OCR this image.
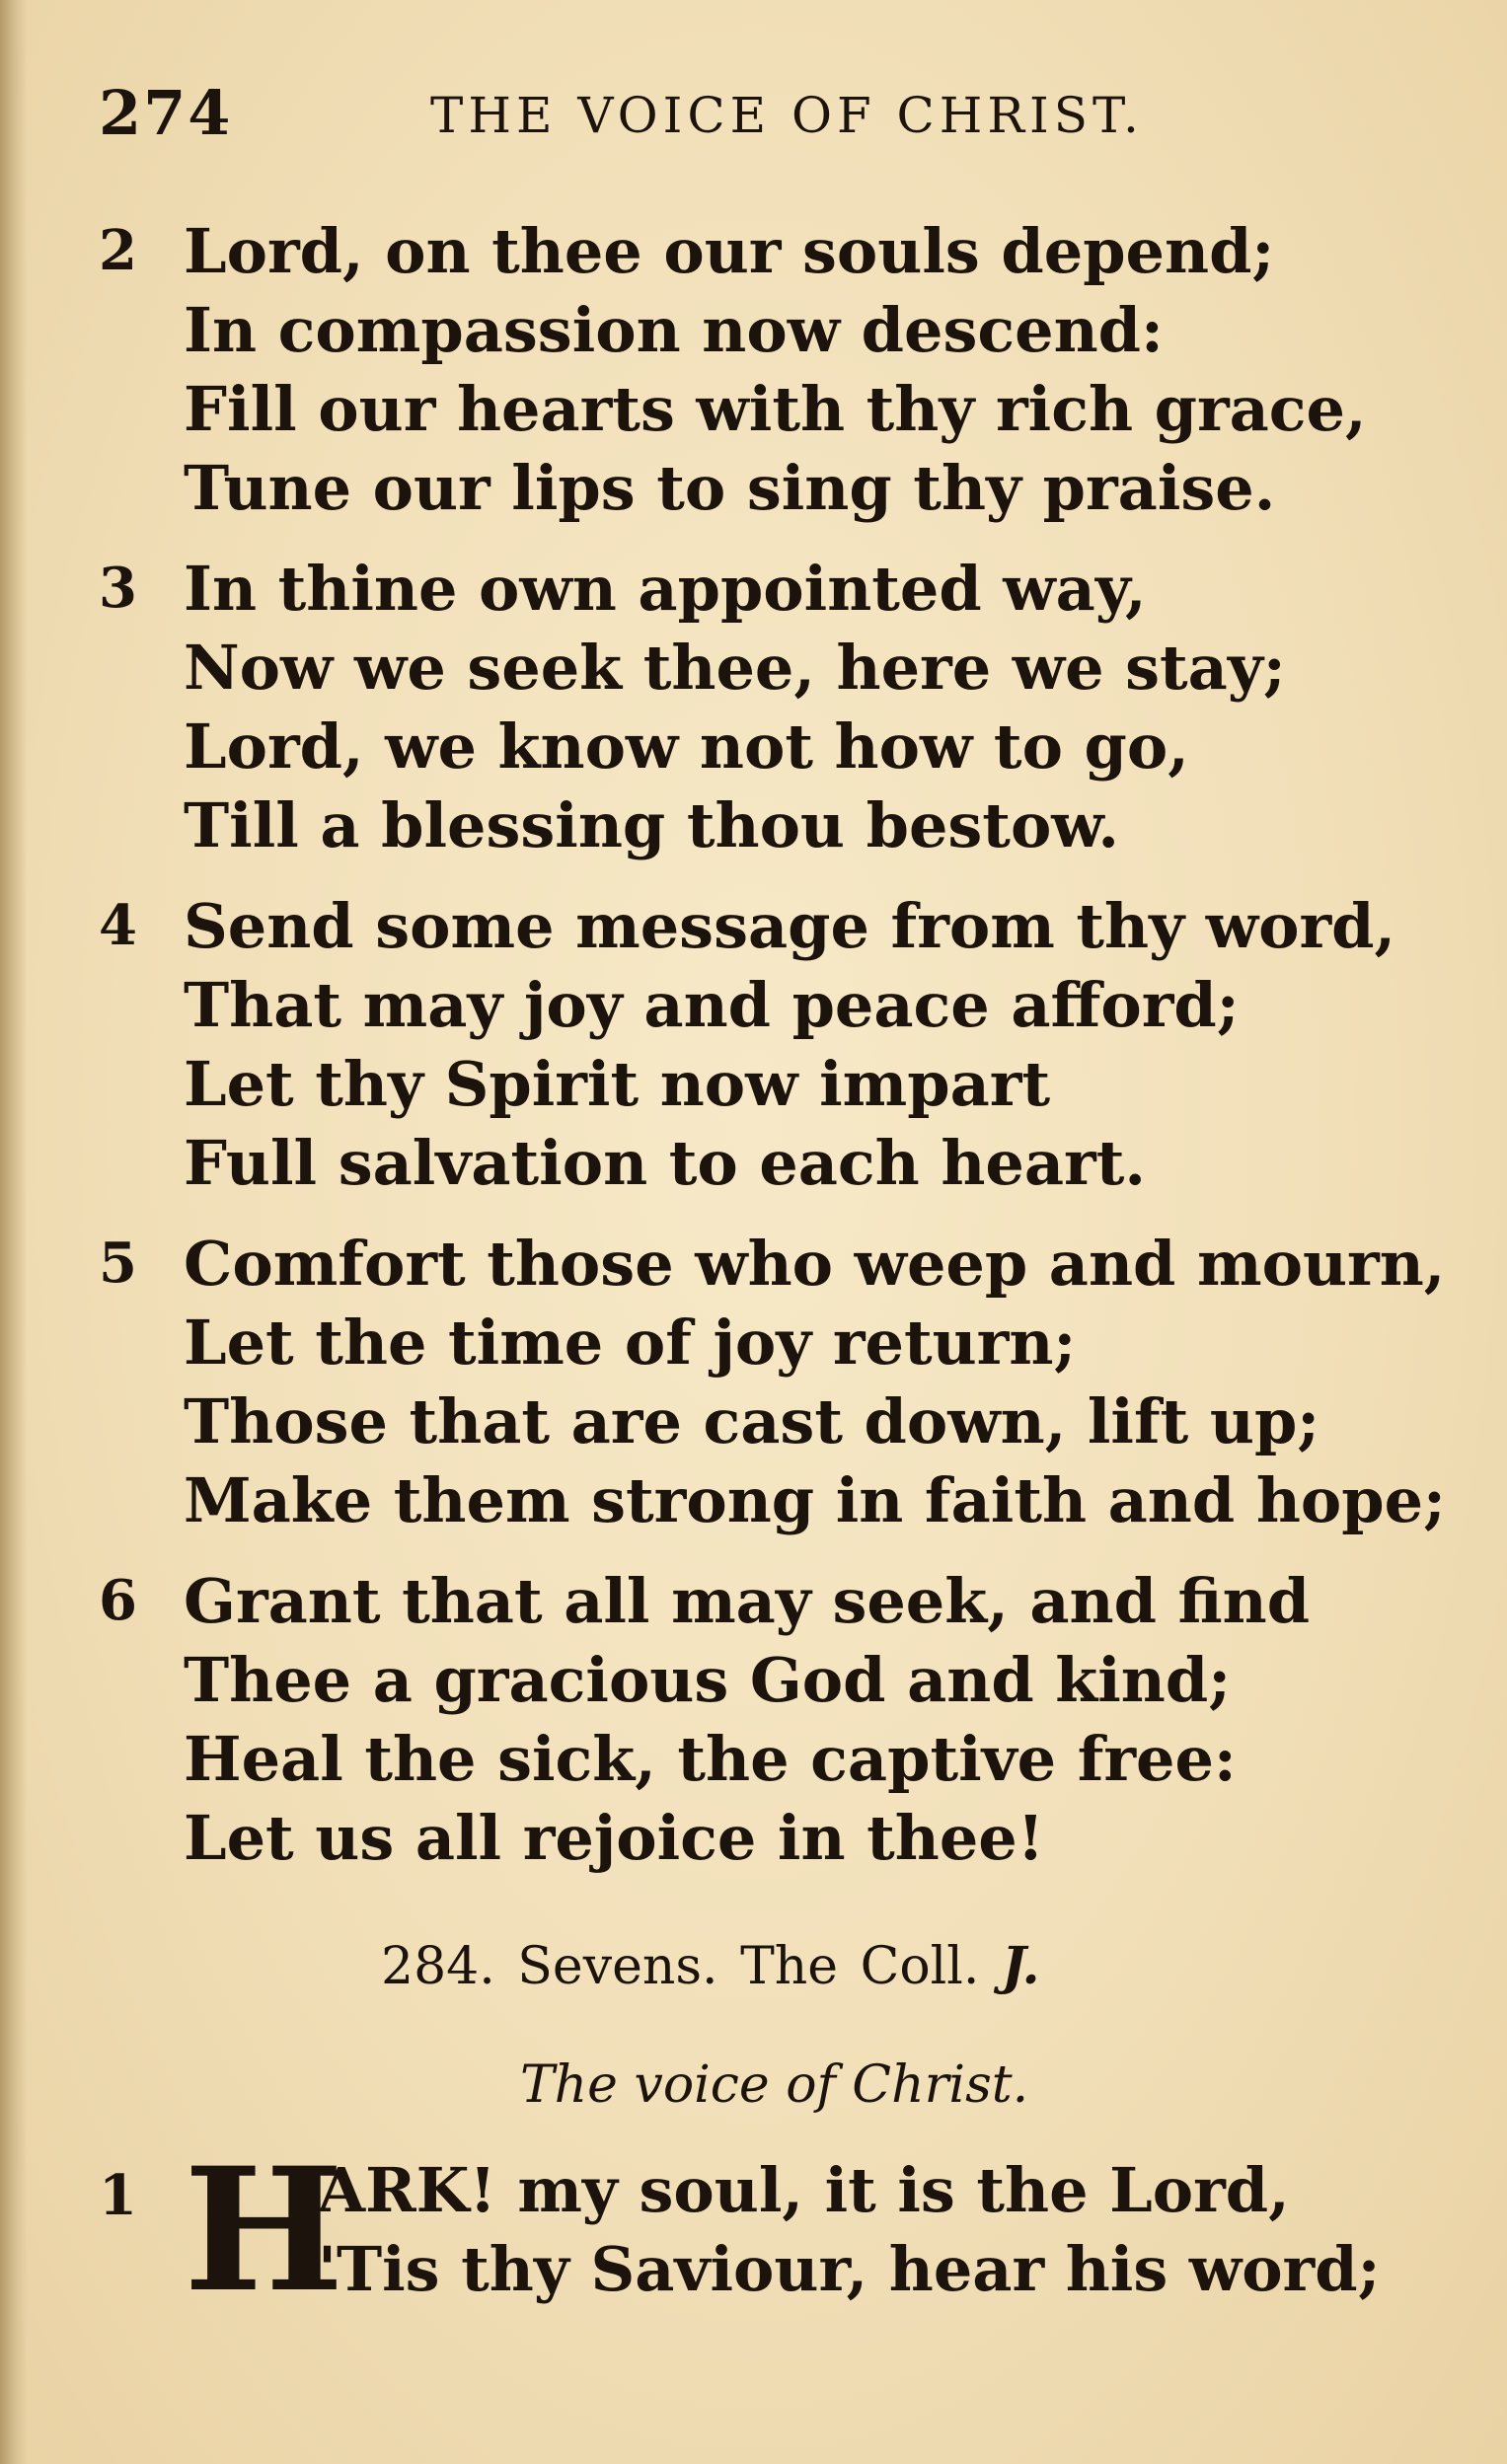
274	THE VOICE OF CHRIST.
2 Lord, on thee our souls depend;
In compassion now descend:
Fill our hearts with thy rich grace,
Tune our lips to sing thy praise.
3 In thine own appointed way,
Now we seek thee, here we stay;
Lord, we know not how to go,
Till a blessing thou bestow.
4 Send some message from thy word,
That may joy and peace afford;
Let thy Spirit now impart
Full salvation to each heart.
5 Comfort those who weep and mourn,
Let the time of joy return;
Those that are cast down, lift up;
Make them strong in faith and hope;
6 Grant that all may seek, and find
Thee a gracious God and kind;
Heal the sick, the captive free:
Let us all rejoice in thee!
284. Sevens. The Coll. J.
The voice of Christ.
1 H
ARK! my soul, it is the Lord,
'Tis thy Saviour, hear his word;
